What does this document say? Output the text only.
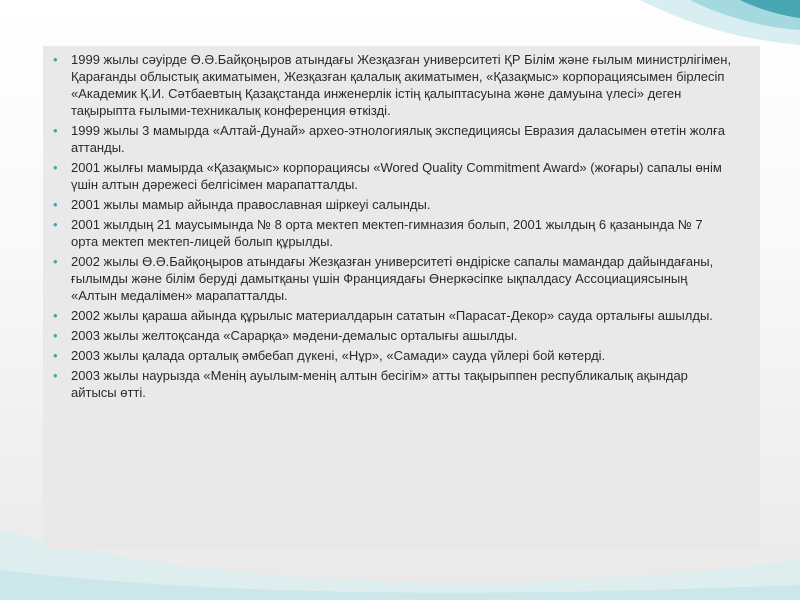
• 1999 жылы сәуірде Ө.Ә.Байқоңыров атындағы Жезқазған университеті ҚР Білім және ғылым министрлігімен, Қарағанды облыстық акиматымен, Жезқазған қалалық акиматымен, «Қазақмыс» корпорациясымен бірлесіп «Академик Қ.И. Сәтбаевтың Қазақстанда инженерлік істің қалыптасуына және дамуына үлесі» деген тақырыпта ғылыми-техникалық конференция өткізді.
• 1999 жылы 3 мамырда «Алтай-Дунай» архео-этнологиялық экспедициясы Евразия даласымен өтетін жолға аттанды.
• 2001 жылғы мамырда «Қазақмыс» корпорациясы «Wored Quality Commitment Award» (жоғары) сапалы өнім үшін алтын дәрежесі белгісімен марапатталды.
• 2001 жылы мамыр айында православная шіркеуі салынды.
• 2001 жылдың 21 маусымында № 8 орта мектеп мектеп-гимназия болып, 2001 жылдың 6 қазанында № 7 орта мектеп мектеп-лицей болып құрылды.
• 2002 жылы Ө.Ә.Байқоңыров атындағы Жезқазған университеті өндіріске сапалы мамандар дайындағаны, ғылымды және білім беруді дамытқаны үшін Франциядағы Өнеркәсіпке ықпалдасу Ассоциациясының «Алтын медалімен» марапатталды.
• 2002 жылы қараша айында құрылыс материалдарын сататын «Парасат-Декор» сауда орталығы ашылды.
• 2003 жылы желтоқсанда «Сарарқа» мәдени-демалыс орталығы ашылды.
• 2003 жылы қалада орталық әмбебап дүкені, «Нұр», «Самади» сауда үйлері бой көтерді.
• 2003 жылы наурызда «Менің ауылым-менің алтын бесігім» атты тақырыппен республикалық ақындар айтысы өтті.
